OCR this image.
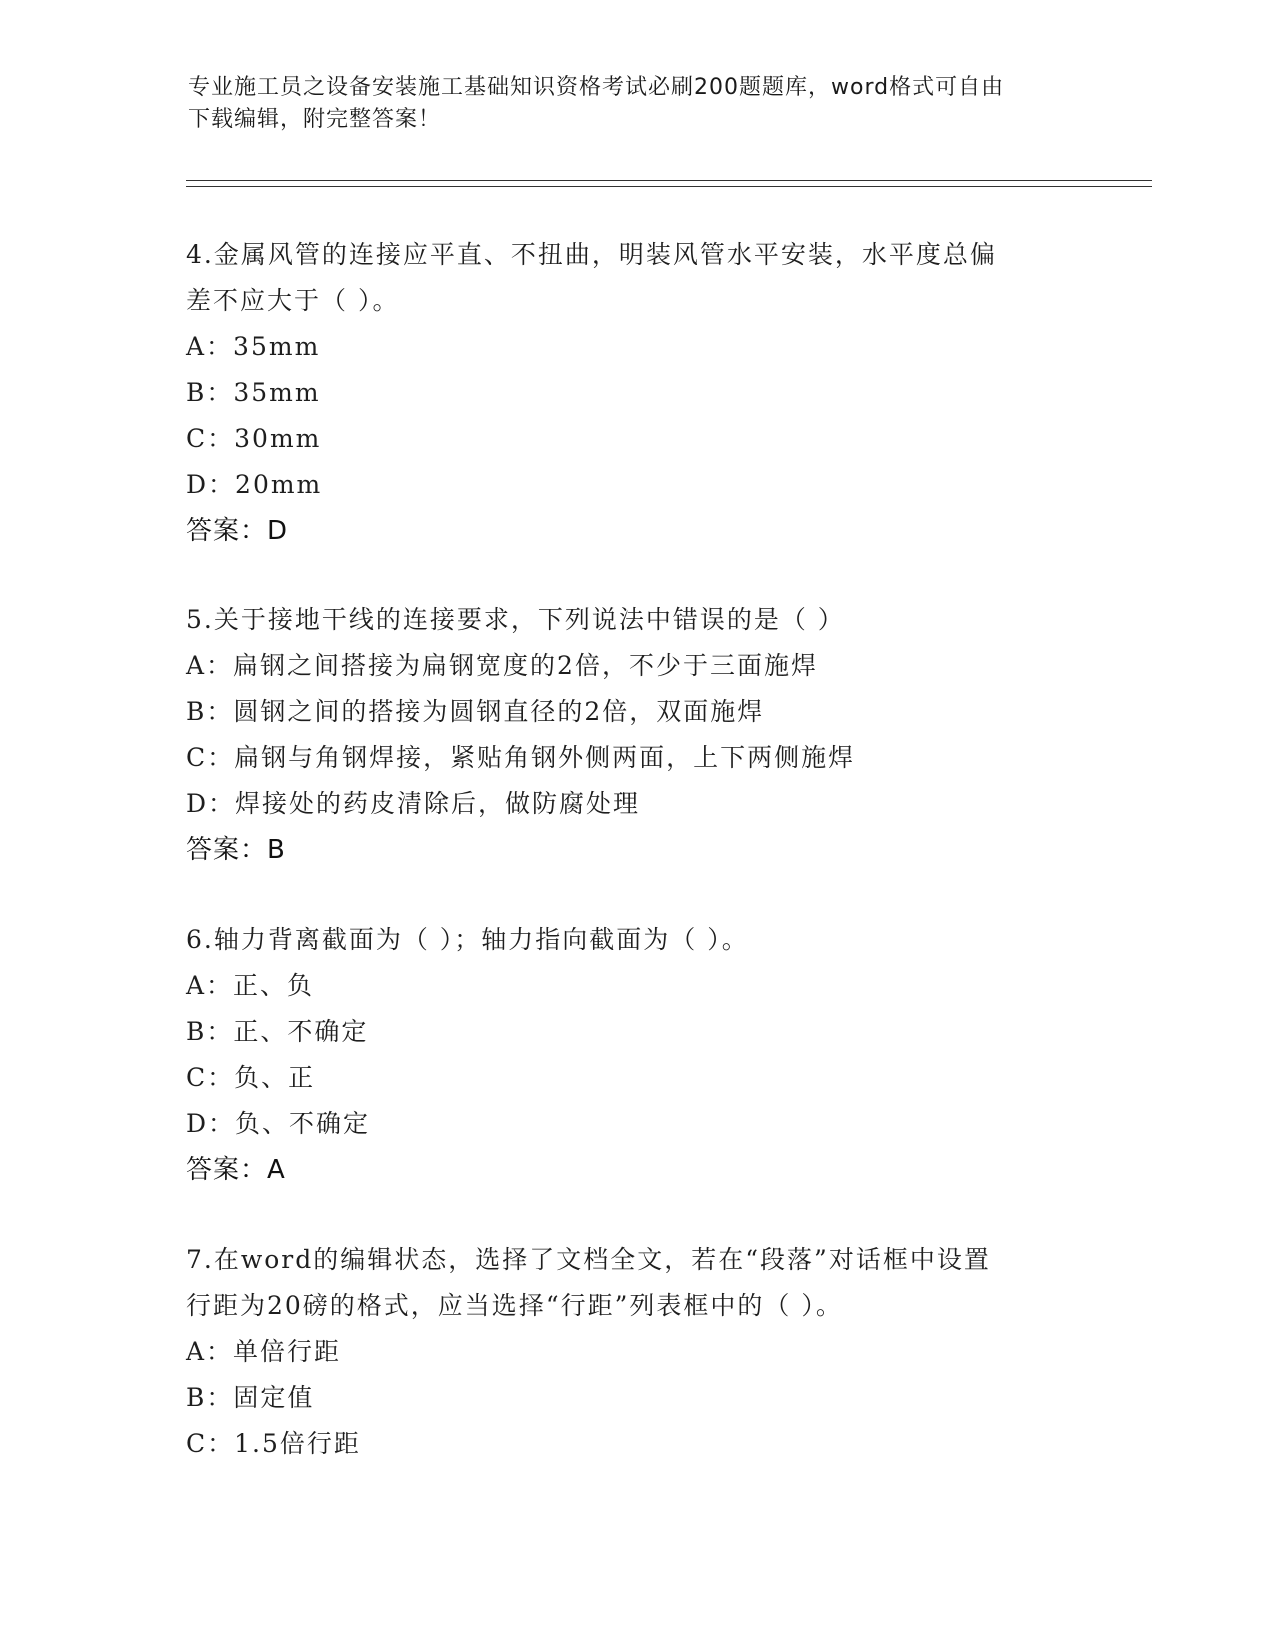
专业施工员之设备安装施工基础知识资格考试必刷200题题库，word格式可自由
下载编辑，附完整答案！
4.金属风管的连接应平直、不扭曲，明装风管水平安装，水平度总偏
差不应大于（ ）。
A：35mm
B：35mm
C：30mm
D：20mm
答案：D
5.关于接地干线的连接要求，下列说法中错误的是（ ）
A：扁钢之间搭接为扁钢宽度的2倍，不少于三面施焊
B：圆钢之间的搭接为圆钢直径的2倍，双面施焊
C：扁钢与角钢焊接，紧贴角钢外侧两面，上下两侧施焊
D：焊接处的药皮清除后，做防腐处理
答案：B
6.轴力背离截面为（ ）；轴力指向截面为（ ）。
A：正、负
B：正、不确定
C：负、正
D：负、不确定
答案：A
7.在word的编辑状态，选择了文档全文，若在“段落”对话框中设置
行距为20磅的格式，应当选择“行距”列表框中的（ ）。
A：单倍行距
B：固定值
C：1.5倍行距
